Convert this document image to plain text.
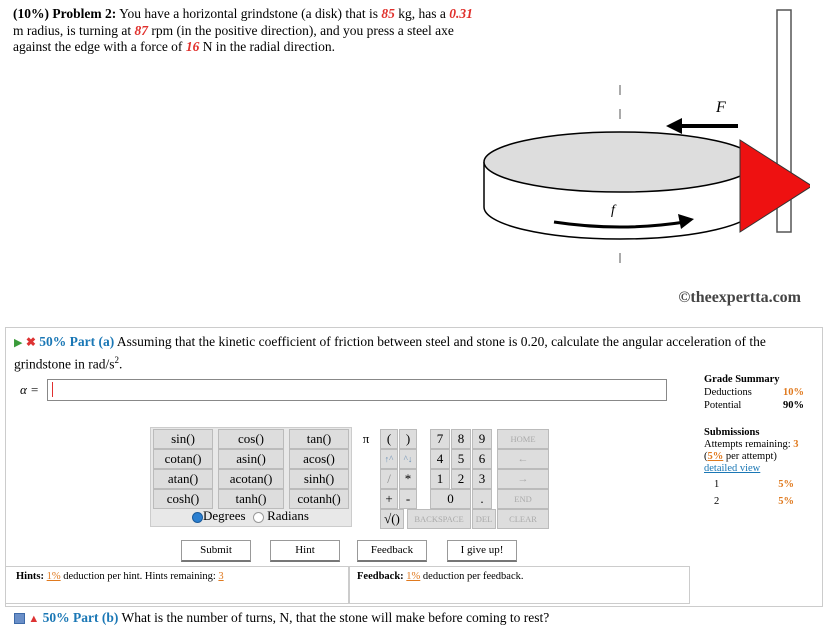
(10%) Problem 2: You have a horizontal grindstone (a disk) that is 85 kg, has a 0.31 m radius, is turning at 87 rpm (in the positive direction), and you press a steel axe against the edge with a force of 16 N in the radial direction.
F
f
©theexpertta.com
▶ ✖ 50% Part (a) Assuming that the kinetic coefficient of friction between steel and stone is 0.20, calculate the angular acceleration of the grindstone in rad/$s^2$.
α =
Grade Summary
Deductions	10%
Potential	90%
Submissions
Attempts remaining: 3
(5% per attempt)
detailed view
1	5%
2	5%
sin()	cos()	tan()
cotan()	asin()	acos()
atan()	acotan()	sinh()
cosh()	tanh()	cotanh()
Degrees Radians
π	(	)
↑^	^↓
/	*
+	-
√()
7	8	9
4	5	6
1	2	3
0	.
HOME
←
→
END
BACKSPACE	DEL	CLEAR
Submit	Hint	Feedback	I give up!
Hints: 1% deduction per hint. Hints remaining: 3	Feedback: 1% deduction per feedback.
▲ 50% Part (b) What is the number of turns, N, that the stone will make before coming to rest?
